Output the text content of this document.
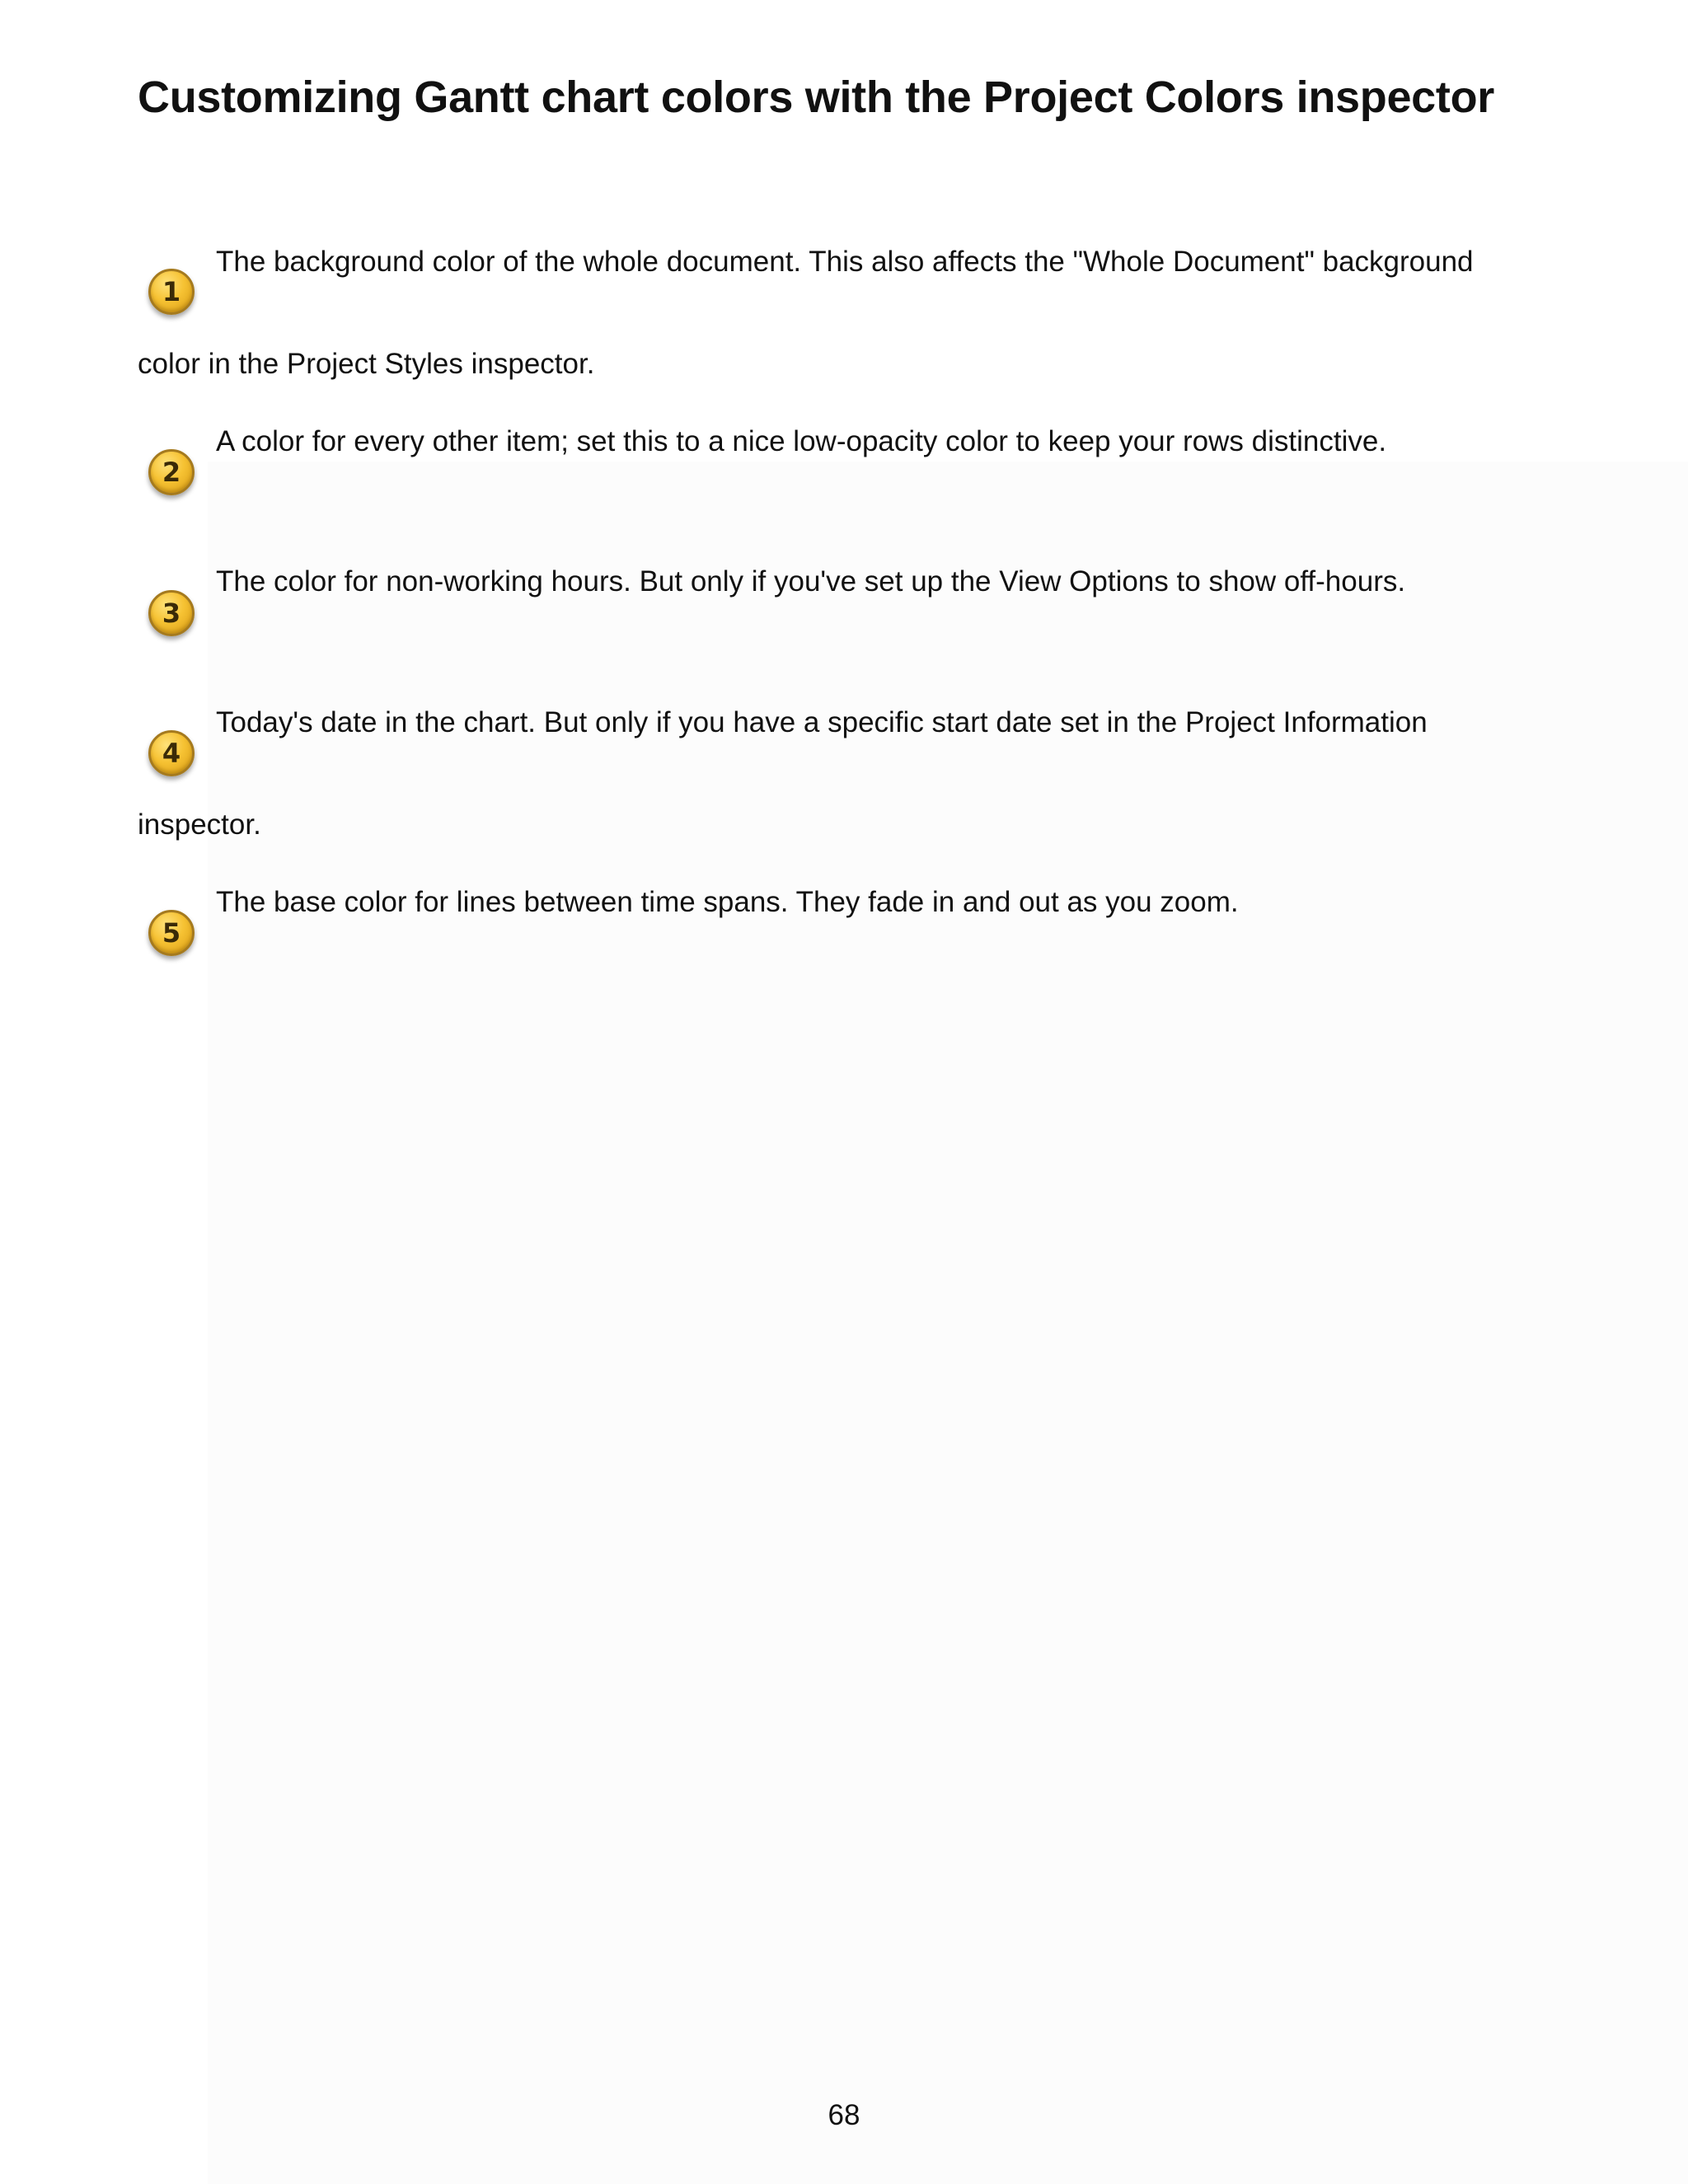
Customizing Gantt chart colors with the Project Colors inspector
1

The background color of the whole document. This also affects the "Whole Document" background

color in the Project Styles inspector.

2

A color for every other item; set this to a nice low-opacity color to keep your rows distinctive.

3

The color for non-working hours. But only if you've set up the View Options to show off-hours.

4

Today's date in the chart. But only if you have a specific start date set in the Project Information

inspector.

5

The base color for lines between time spans. They fade in and out as you zoom.

68
